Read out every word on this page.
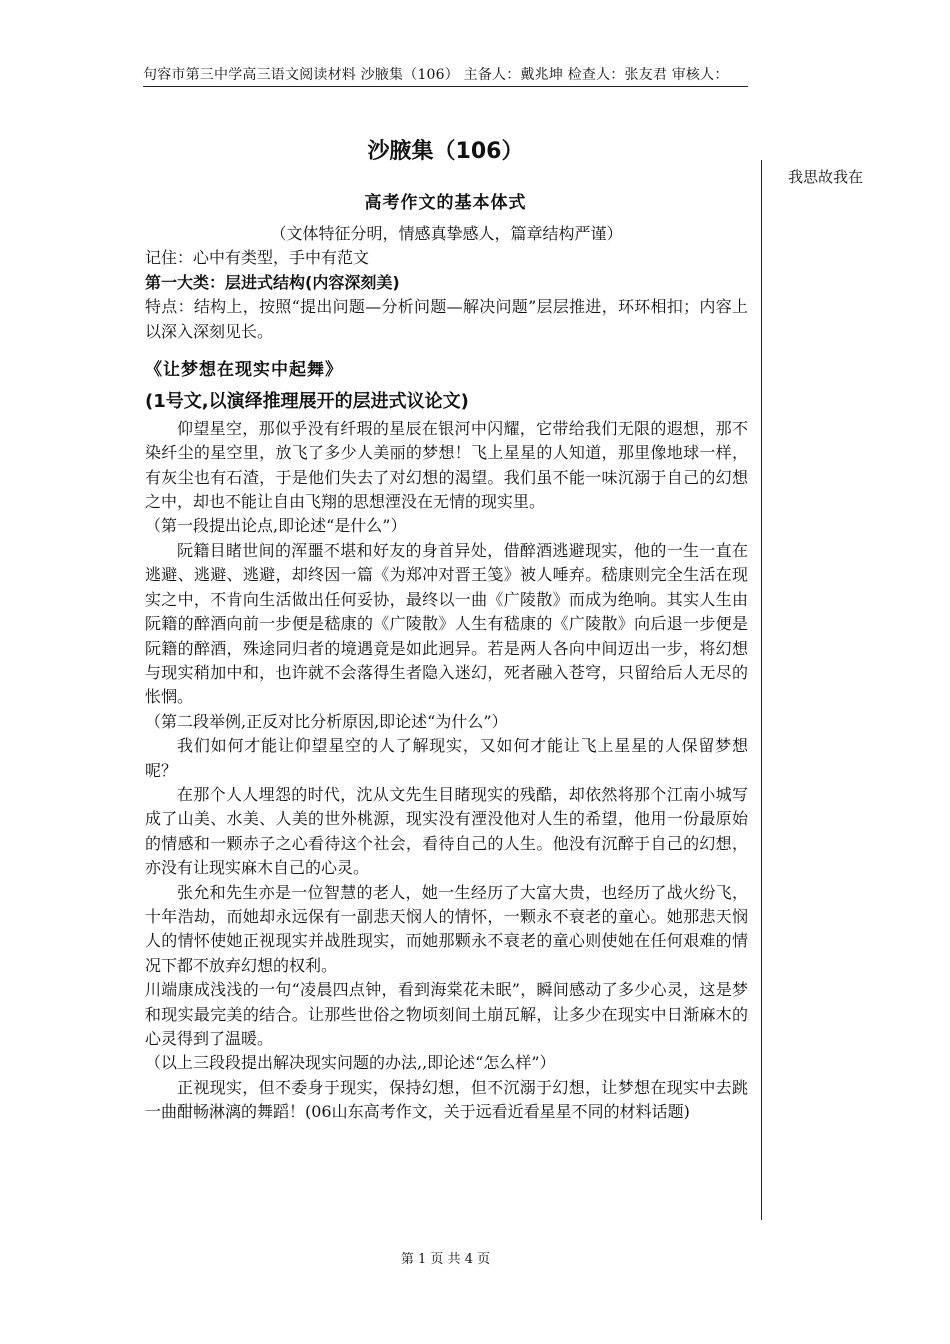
句容市第三中学高三语文阅读材料 沙腋集（106） 主备人：戴兆坤 检查人：张友君 审核人：
我思故我在
沙腋集（106）
高考作文的基本体式

（文体特征分明，情感真挚感人，篇章结构严谨）

记住：心中有类型，手中有范文

第一大类：层进式结构(内容深刻美)

特点：结构上，按照“提出问题—分析问题—解决问题”层层推进，环环相扣；内容上以深入深刻见长。

《让梦想在现实中起舞》

(1号文,以演绎推理展开的层进式议论文)

仰望星空，那似乎没有纤瑕的星辰在银河中闪耀，它带给我们无限的遐想，那不染纤尘的星空里，放飞了多少人美丽的梦想！飞上星星的人知道，那里像地球一样，有灰尘也有石渣，于是他们失去了对幻想的渴望。我们虽不能一味沉溺于自己的幻想之中，却也不能让自由飞翔的思想湮没在无情的现实里。

（第一段提出论点,即论述“是什么”）

阮籍目睹世间的浑噩不堪和好友的身首异处，借醉酒逃避现实，他的一生一直在逃避、逃避、逃避，却终因一篇《为郑冲对晋王笺》被人唾弃。嵇康则完全生活在现实之中，不肯向生活做出任何妥协，最终以一曲《广陵散》而成为绝响。其实人生由阮籍的醉酒向前一步便是嵇康的《广陵散》人生有嵇康的《广陵散》向后退一步便是阮籍的醉酒，殊途同归者的境遇竟是如此迥异。若是两人各向中间迈出一步，将幻想与现实稍加中和，也许就不会落得生者隐入迷幻，死者融入苍穹，只留给后人无尽的怅惘。

（第二段举例,正反对比分析原因,即论述“为什么”）

我们如何才能让仰望星空的人了解现实，又如何才能让飞上星星的人保留梦想呢？

在那个人人埋怨的时代，沈从文先生目睹现实的残酷，却依然将那个江南小城写成了山美、水美、人美的世外桃源，现实没有湮没他对人生的希望，他用一份最原始的情感和一颗赤子之心看待这个社会，看待自己的人生。他没有沉醉于自己的幻想，亦没有让现实麻木自己的心灵。

张允和先生亦是一位智慧的老人，她一生经历了大富大贵，也经历了战火纷飞，十年浩劫，而她却永远保有一副悲天悯人的情怀，一颗永不衰老的童心。她那悲天悯人的情怀使她正视现实并战胜现实，而她那颗永不衰老的童心则使她在任何艰难的情况下都不放弃幻想的权利。

川端康成浅浅的一句“凌晨四点钟，看到海棠花未眠”，瞬间感动了多少心灵，这是梦和现实最完美的结合。让那些世俗之物顷刻间土崩瓦解，让多少在现实中日渐麻木的心灵得到了温暖。

（以上三段段提出解决现实问题的办法,,即论述“怎么样”）

正视现实，但不委身于现实，保持幻想，但不沉溺于幻想，让梦想在现实中去跳一曲酣畅淋漓的舞蹈！(06山东高考作文，关于远看近看星星不同的材料话题)

第 1 页 共 4 页
